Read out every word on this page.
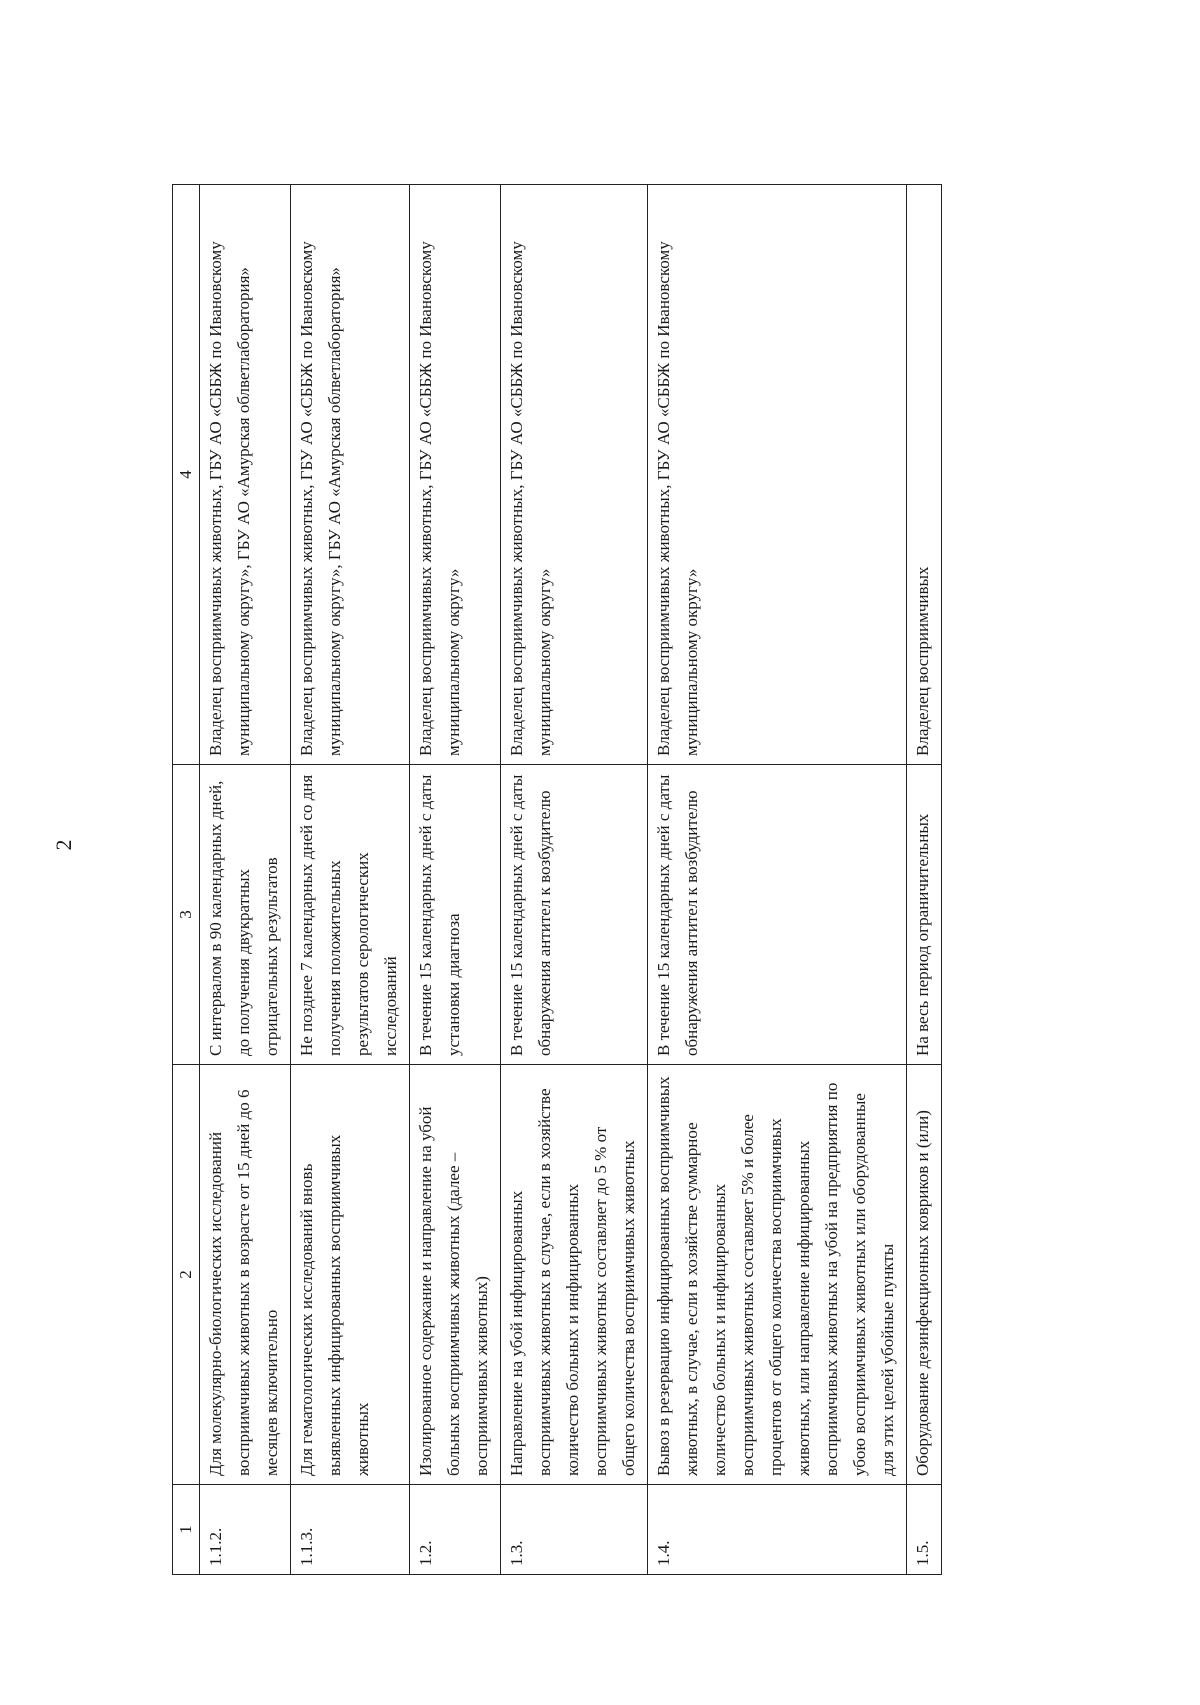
2
1	2	3	4
1.1.2.	Для молекулярно-биологических исследований восприимчивых животных в возрасте от 15 дней до 6 месяцев включительно	С интервалом в 90 календарных дней, до получения двукратных отрицательных результатов	Владелец восприимчивых животных, ГБУ АО «СББЖ по Ивановскому муниципальному округу», ГБУ АО «Амурская облветлаборатория»
1.1.3.	Для гематологических исследований вновь выявленных инфицированных восприимчивых животных	Не позднее 7 календарных дней со дня получения положительных результатов серологических исследований	Владелец восприимчивых животных, ГБУ АО «СББЖ по Ивановскому муниципальному округу», ГБУ АО «Амурская облветлаборатория»
1.2.	Изолированное содержание и направление на убой больных восприимчивых животных (далее – восприимчивых животных)	В течение 15 календарных дней с даты установки диагноза	Владелец восприимчивых животных, ГБУ АО «СББЖ по Ивановскому муниципальному округу»
1.3.	Направление на убой инфицированных восприимчивых животных в случае, если в хозяйстве количество больных и инфицированных восприимчивых животных составляет до 5 % от общего количества восприимчивых животных	В течение 15 календарных дней с даты обнаружения антител к возбудителю	Владелец восприимчивых животных, ГБУ АО «СББЖ по Ивановскому муниципальному округу»
1.4.	Вывоз в резервацию инфицированных восприимчивых животных, в случае, если в хозяйстве суммарное количество больных и инфицированных восприимчивых животных составляет 5% и более процентов от общего количества восприимчивых животных, или направление инфицированных восприимчивых животных на убой на предприятия по убою восприимчивых животных или оборудованные для этих целей убойные пункты	В течение 15 календарных дней с даты обнаружения антител к возбудителю	Владелец восприимчивых животных, ГБУ АО «СББЖ по Ивановскому муниципальному округу»
1.5.	Оборудование дезинфекционных ковриков и (или)	На весь период ограничительных	Владелец восприимчивых
